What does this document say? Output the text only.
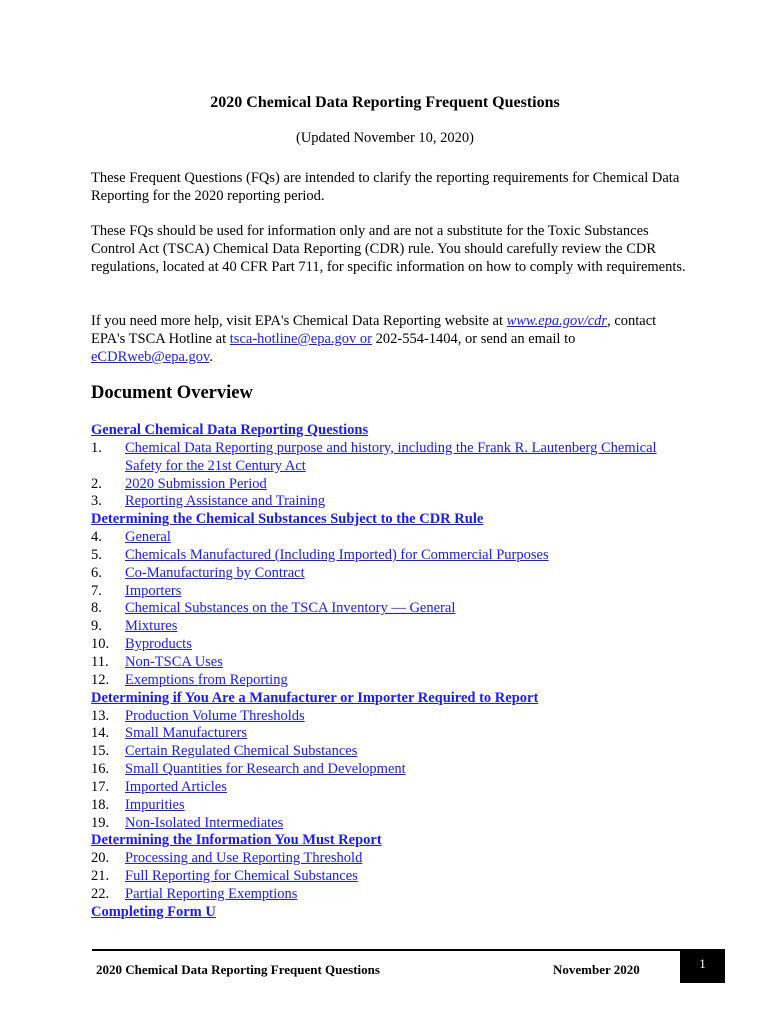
2020 Chemical Data Reporting Frequent Questions
(Updated November 10, 2020)
These Frequent Questions (FQs) are intended to clarify the reporting requirements for Chemical Data Reporting for the 2020 reporting period.
These FQs should be used for information only and are not a substitute for the Toxic Substances Control Act (TSCA) Chemical Data Reporting (CDR) rule. You should carefully review the CDR regulations, located at 40 CFR Part 711, for specific information on how to comply with requirements.
If you need more help, visit EPA's Chemical Data Reporting website at www.epa.gov/cdr, contact EPA's TSCA Hotline at tsca-hotline@epa.gov or 202-554-1404, or send an email to eCDRweb@epa.gov.
Document Overview
General Chemical Data Reporting Questions
1.	Chemical Data Reporting purpose and history, including the Frank R. Lautenberg Chemical Safety for the 21st Century Act
2.	2020 Submission Period
3.	Reporting Assistance and Training
Determining the Chemical Substances Subject to the CDR Rule
4.	General
5.	Chemicals Manufactured (Including Imported) for Commercial Purposes
6.	Co-Manufacturing by Contract
7.	Importers
8.	Chemical Substances on the TSCA Inventory — General
9.	Mixtures
10.	Byproducts
11.	Non-TSCA Uses
12.	Exemptions from Reporting
Determining if You Are a Manufacturer or Importer Required to Report
13.	Production Volume Thresholds
14.	Small Manufacturers
15.	Certain Regulated Chemical Substances
16.	Small Quantities for Research and Development
17.	Imported Articles
18.	Impurities
19.	Non-Isolated Intermediates
Determining the Information You Must Report
20.	Processing and Use Reporting Threshold
21.	Full Reporting for Chemical Substances
22.	Partial Reporting Exemptions
Completing Form U
2020 Chemical Data Reporting Frequent Questions	November 2020	1
